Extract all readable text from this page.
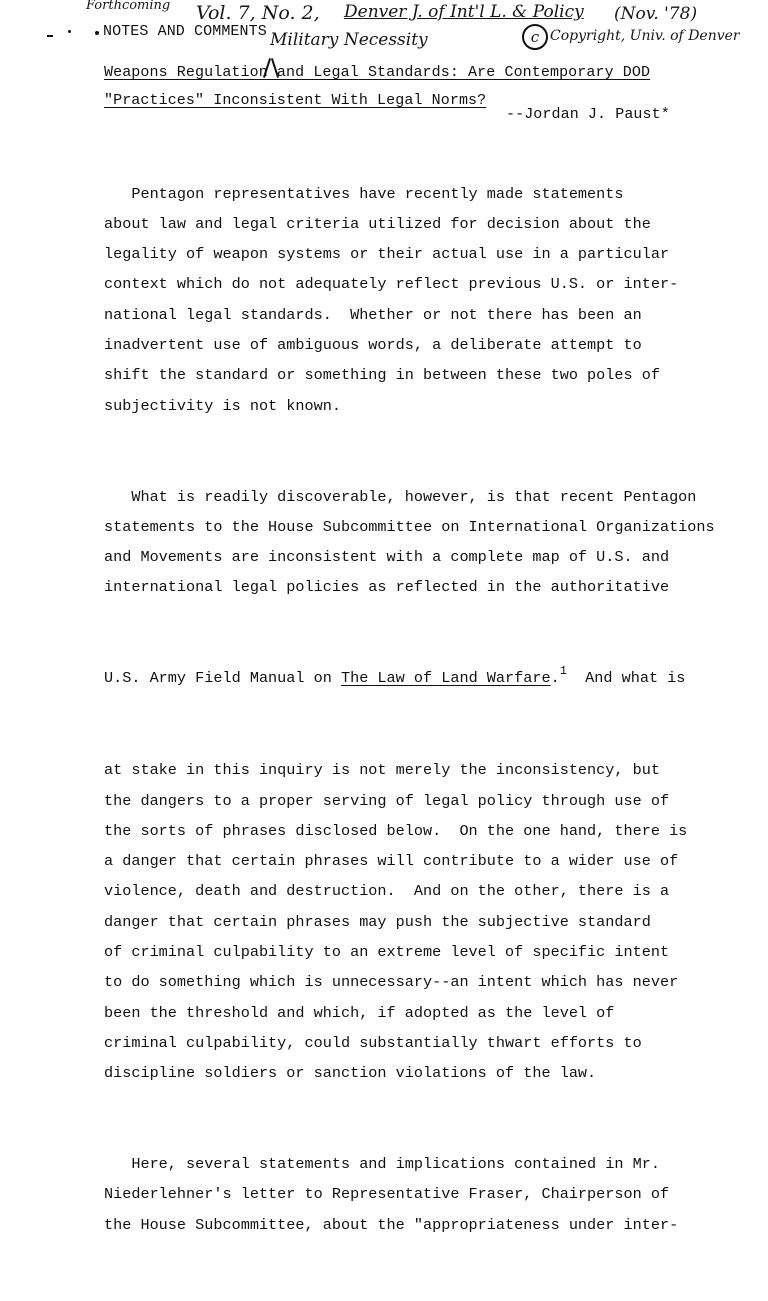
Forthcoming Vol. 7, No. 2, Denver J. of Int'l L. & Policy (Nov. '78)
Military Necessity	c Copyright, Univ. of Denver
NOTES AND COMMENTS
Weapons Regulation and Legal Standards: Are Contemporary DOD
"Practices" Inconsistent With Legal Norms?
--Jordan J. Paust*

Pentagon representatives have recently made statements
about law and legal criteria utilized for decision about the
legality of weapon systems or their actual use in a particular
context which do not adequately reflect previous U.S. or inter-
national legal standards.  Whether or not there has been an
inadvertent use of ambiguous words, a deliberate attempt to
shift the standard or something in between these two poles of
subjectivity is not known.

What is readily discoverable, however, is that recent Pentagon
statements to the House Subcommittee on International Organizations
and Movements are inconsistent with a complete map of U.S. and
international legal policies as reflected in the authoritative

U.S. Army Field Manual on The Law of Land Warfare.$^1$  And what is

at stake in this inquiry is not merely the inconsistency, but
the dangers to a proper serving of legal policy through use of
the sorts of phrases disclosed below.  On the one hand, there is
a danger that certain phrases will contribute to a wider use of
violence, death and destruction.  And on the other, there is a
danger that certain phrases may push the subjective standard
of criminal culpability to an extreme level of specific intent
to do something which is unnecessary--an intent which has never
been the threshold and which, if adopted as the level of
criminal culpability, could substantially thwart efforts to
discipline soldiers or sanction violations of the law.

Here, several statements and implications contained in Mr.
Niederlehner's letter to Representative Fraser, Chairperson of
the House Subcommittee, about the "appropriateness under inter-
